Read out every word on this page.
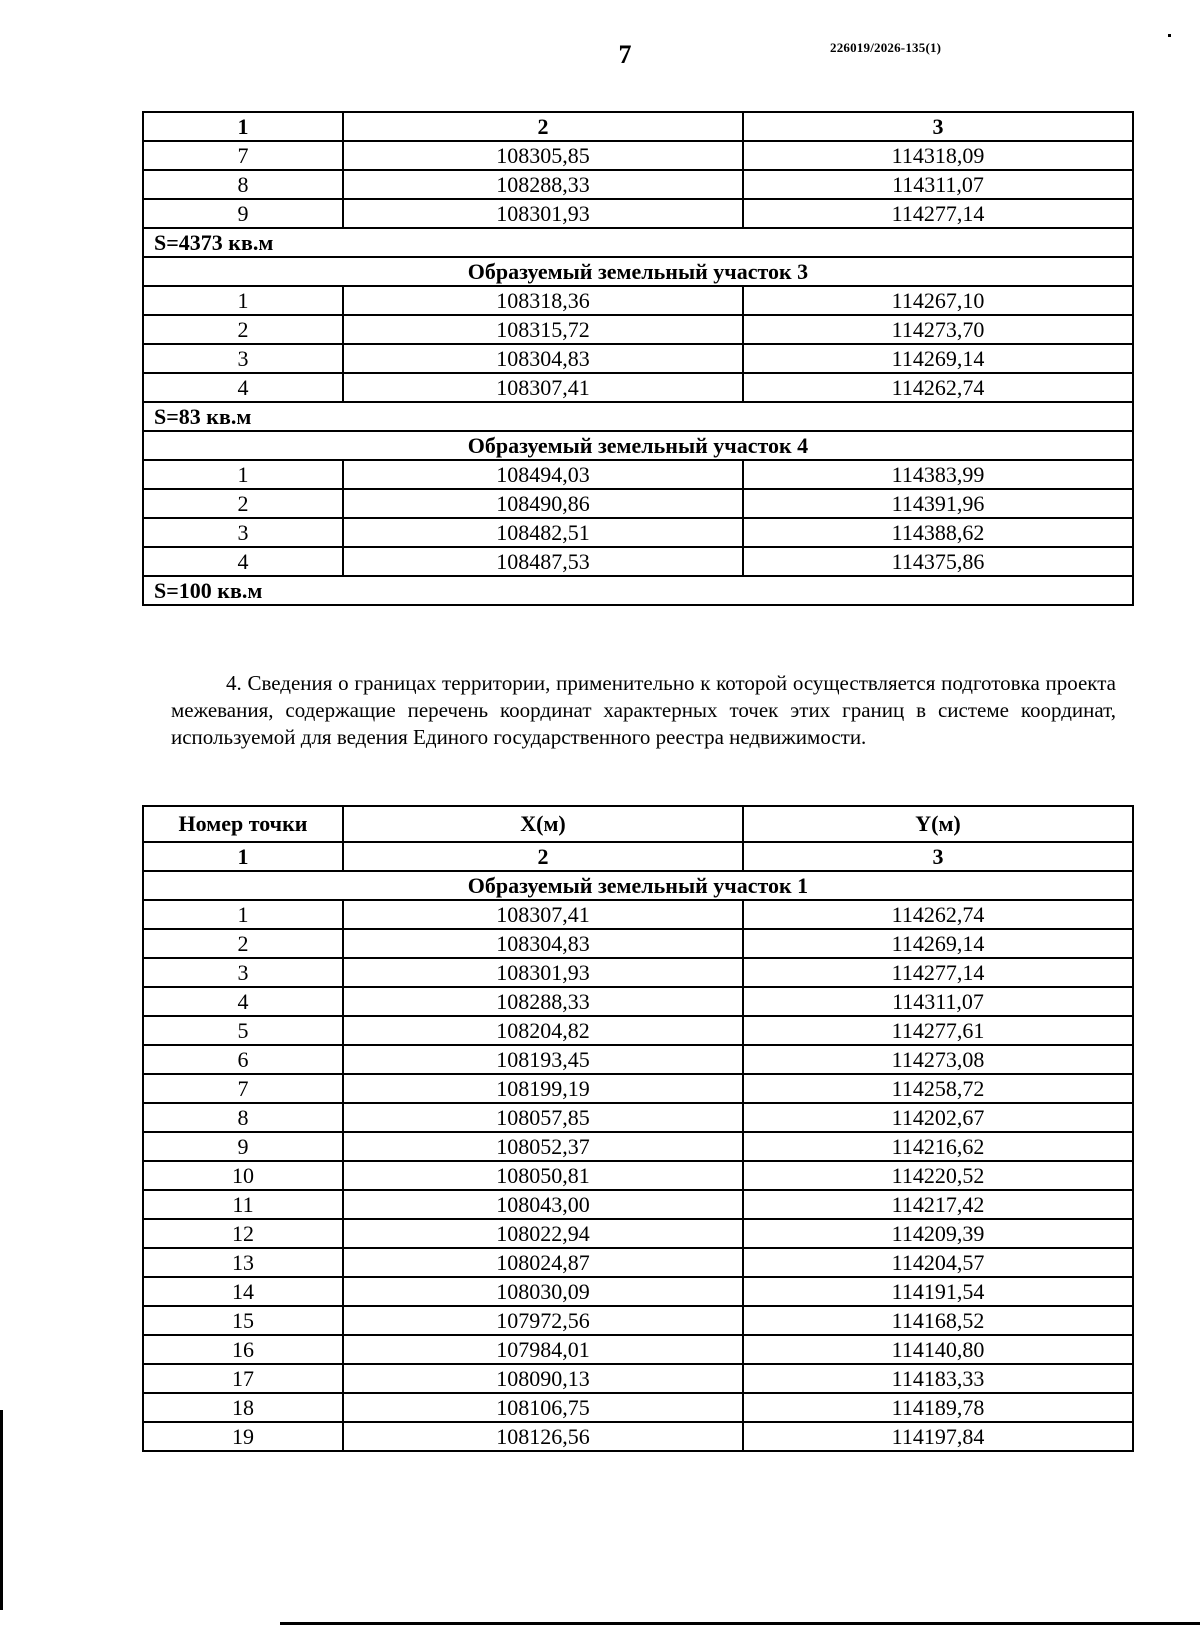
7	226019/2026-135(1)
1	2	3
7	108305,85	114318,09
8	108288,33	114311,07
9	108301,93	114277,14
S=4373 кв.м		
Образуемый земельный участок 3		
1	108318,36	114267,10
2	108315,72	114273,70
3	108304,83	114269,14
4	108307,41	114262,74
S=83 кв.м		
Образуемый земельный участок 4		
1	108494,03	114383,99
2	108490,86	114391,96
3	108482,51	114388,62
4	108487,53	114375,86
S=100 кв.м		
4. Сведения о границах территории, применительно к которой осуществляется подготовка проекта межевания, содержащие перечень координат характерных точек этих границ в системе координат, используемой для ведения Единого государственного реестра недвижимости.
Номер точки	X(м)	Y(м)
1	2	3
Образуемый земельный участок 1		
1	108307,41	114262,74
2	108304,83	114269,14
3	108301,93	114277,14
4	108288,33	114311,07
5	108204,82	114277,61
6	108193,45	114273,08
7	108199,19	114258,72
8	108057,85	114202,67
9	108052,37	114216,62
10	108050,81	114220,52
11	108043,00	114217,42
12	108022,94	114209,39
13	108024,87	114204,57
14	108030,09	114191,54
15	107972,56	114168,52
16	107984,01	114140,80
17	108090,13	114183,33
18	108106,75	114189,78
19	108126,56	114197,84
